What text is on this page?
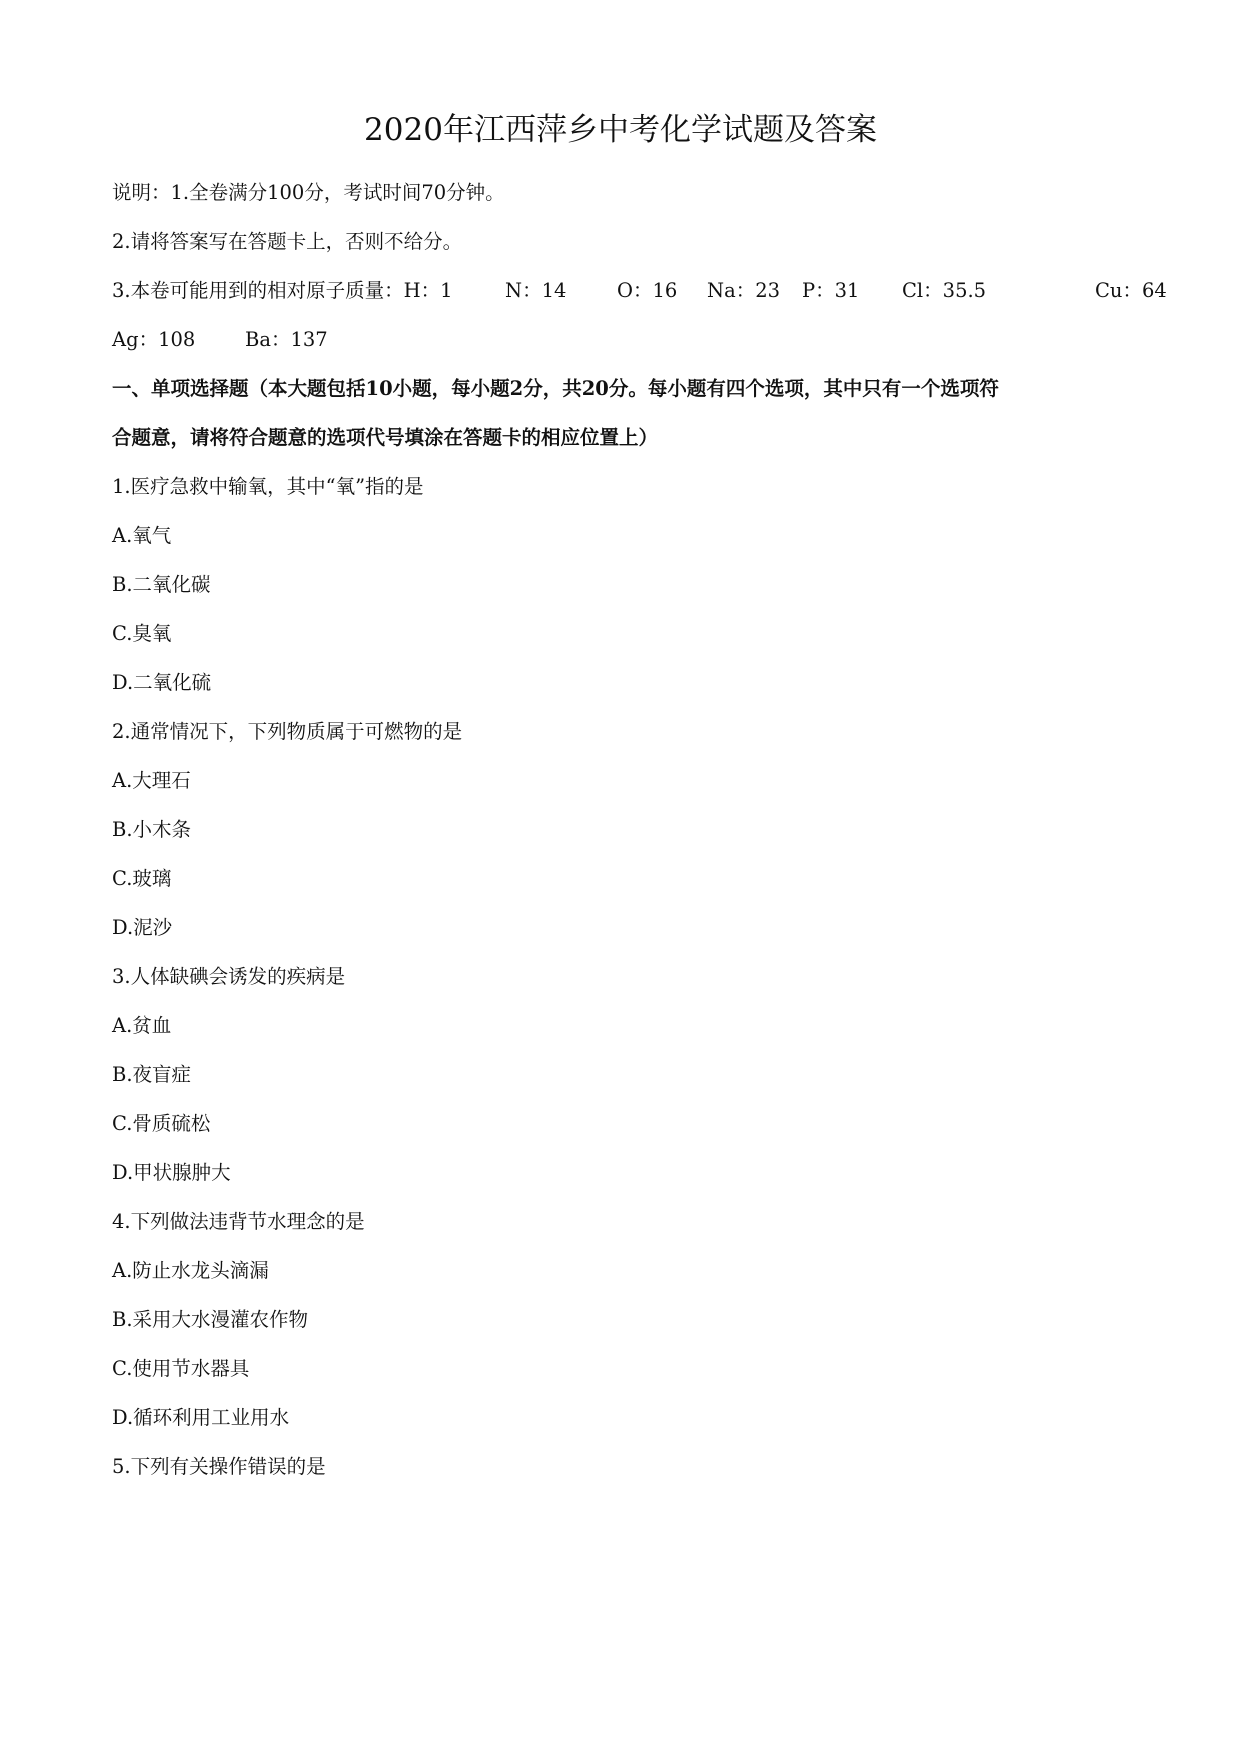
2020年江西萍乡中考化学试题及答案
说明：1.全卷满分100分，考试时间70分钟。
2.请将答案写在答题卡上，否则不给分。
3.本卷可能用到的相对原子质量：H：1	N：14	O：16 Na：23 P：31 Cl：35.5	Cu：64
Ag：108	Ba：137
一、单项选择题（本大题包括10小题，每小题2分，共20分。每小题有四个选项，其中只有一个选项符
合题意，请将符合题意的选项代号填涂在答题卡的相应位置上）
1.医疗急救中输氧，其中“氧”指的是
A.氧气
B.二氧化碳
C.臭氧
D.二氧化硫
2.通常情况下，下列物质属于可燃物的是
A.大理石
B.小木条
C.玻璃
D.泥沙
3.人体缺碘会诱发的疾病是
A.贫血
B.夜盲症
C.骨质硫松
D.甲状腺肿大
4.下列做法违背节水理念的是
A.防止水龙头滴漏
B.采用大水漫灌农作物
C.使用节水器具
D.循环利用工业用水
5.下列有关操作错误的是
